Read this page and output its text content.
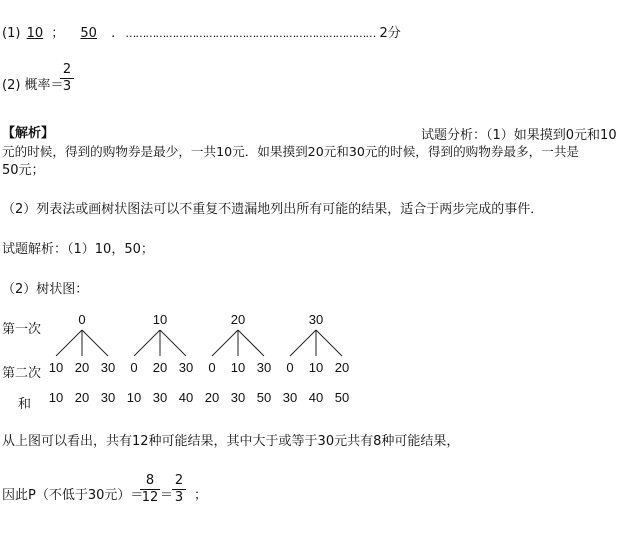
(1) 10 ； 50 . ………………………………………………………………… 2分
(2) 概率＝
$\frac{2}{3}$
【解析】	试题分析：（1）如果摸到0元和10
元的时候，得到的购物券是最少，一共10元．如果摸到20元和30元的时候，得到的购物券最多，一共是
50元；
（2）列表法或画树状图法可以不重复不遗漏地列出所有可能的结果，适合于两步完成的事件．
试题解析：（1）10，50；
（2）树状图：
第一次
第二次
和
0
10
10
20
20
30
30
10
0
10
20
30
30
40
20
0
20
10
30
30
50
30
0
30
10
40
20
50
从上图可以看出，共有12种可能结果，其中大于或等于30元共有8种可能结果，
因此P（不低于30元）＝
$\frac{8}{12}$ ＝
$\frac{2}{3}$ ；
